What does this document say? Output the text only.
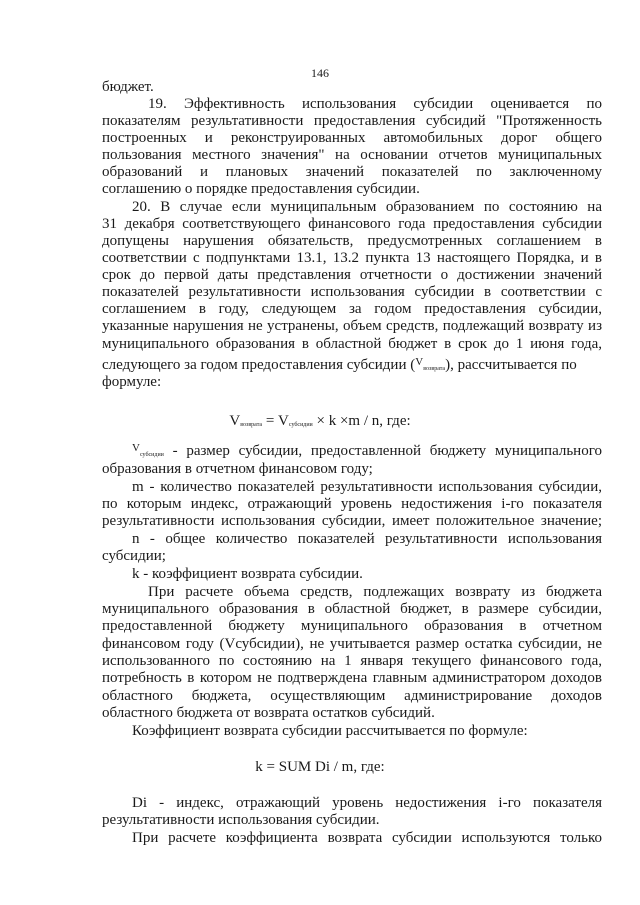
146
бюджет.
19. Эффективность использования субсидии оценивается по
показателям результативности предоставления субсидий "Протяженность
построенных и реконструированных автомобильных дорог общего
пользования местного значения" на основании отчетов муниципальных
образований и плановых значений показателей по заключенному
соглашению о порядке предоставления субсидии.
20. В случае если муниципальным образованием по состоянию на
31 декабря соответствующего финансового года предоставления субсидии
допущены нарушения обязательств, предусмотренных соглашением в
соответствии с подпунктами 13.1, 13.2 пункта 13 настоящего Порядка, и в
срок до первой даты представления отчетности о достижении значений
показателей результативности использования субсидии в соответствии с
соглашением в году, следующем за годом предоставления субсидии,
указанные нарушения не устранены, объем средств, подлежащий возврату из
муниципального образования в областной бюджет в срок до 1 июня года,
следующего за годом предоставления субсидии ($^V$возврата), рассчитывается по
формуле:
$V_{возврата} = V_{субсидии} \times k \times m / n$, где:
$^V$субсидии - размер субсидии, предоставленной бюджету муниципального
образования в отчетном финансовом году;
m - количество показателей результативности использования субсидии,
по которым индекс, отражающий уровень недостижения i-го показателя
результативности использования субсидии, имеет положительное значение;
n - общее количество показателей результативности использования
субсидии;
k - коэффициент возврата субсидии.
При расчете объема средств, подлежащих возврату из бюджета
муниципального образования в областной бюджет, в размере субсидии,
предоставленной бюджету муниципального образования в отчетном
финансовом году (Vсубсидии), не учитывается размер остатка субсидии, не
использованного по состоянию на 1 января текущего финансового года,
потребность в котором не подтверждена главным администратором доходов
областного бюджета, осуществляющим администрирование доходов
областного бюджета от возврата остатков субсидий.
Коэффициент возврата субсидии рассчитывается по формуле:
k = SUM Di / m, где:
Di - индекс, отражающий уровень недостижения i-го показателя
результативности использования субсидии.
При расчете коэффициента возврата субсидии используются только
